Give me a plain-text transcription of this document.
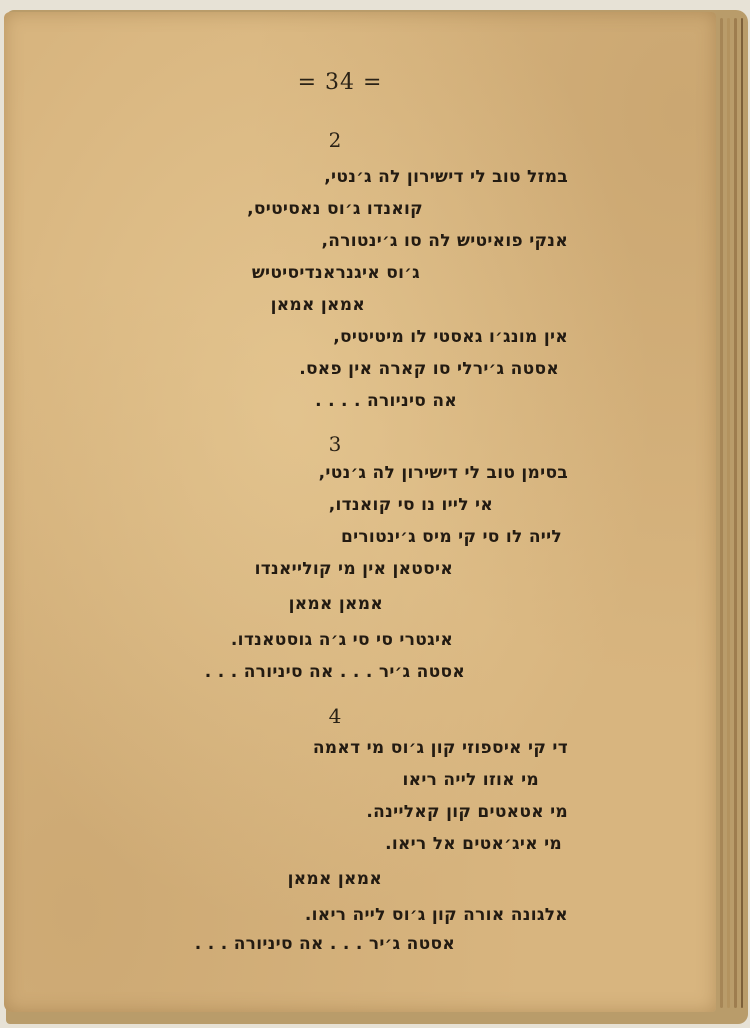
= 34 =
2
במזל טוב לי דישירון לה ג׳נטי,
קואנדו ג׳וס נאסיטיס,
אנקי פואיטיש לה סו ג׳ינטורה,
ג׳וס איגנראנדיסיטיש
אמאן אמאן
אין מונג׳ו גאסטי לו מיטיטיס,
אסטה ג׳ירלי סו קארה אין פאס.
אה סיניורה . . . .
3
בסימן טוב לי דישירון לה ג׳נטי,
אי לייו נו סי קואנדו,
לייה לו סי קי מיס ג׳ינטורים
איסטאן אין מי קולייאנדו
אמאן אמאן
איגטרי סי סי ג׳ה גוסטאנדו.
אסטה ג׳יר . . . אה סיניורה . . .
4
די קי איספוזי קון ג׳וס מי דאמה
מי אוזו לייה ריאו
מי אטאטים קון קאליינה.
מי איג׳אטים אל ריאו.
אמאן אמאן
אלגונה אורה קון ג׳וס לייה ריאו.
אסטה ג׳יר . . . אה סיניורה . . .
